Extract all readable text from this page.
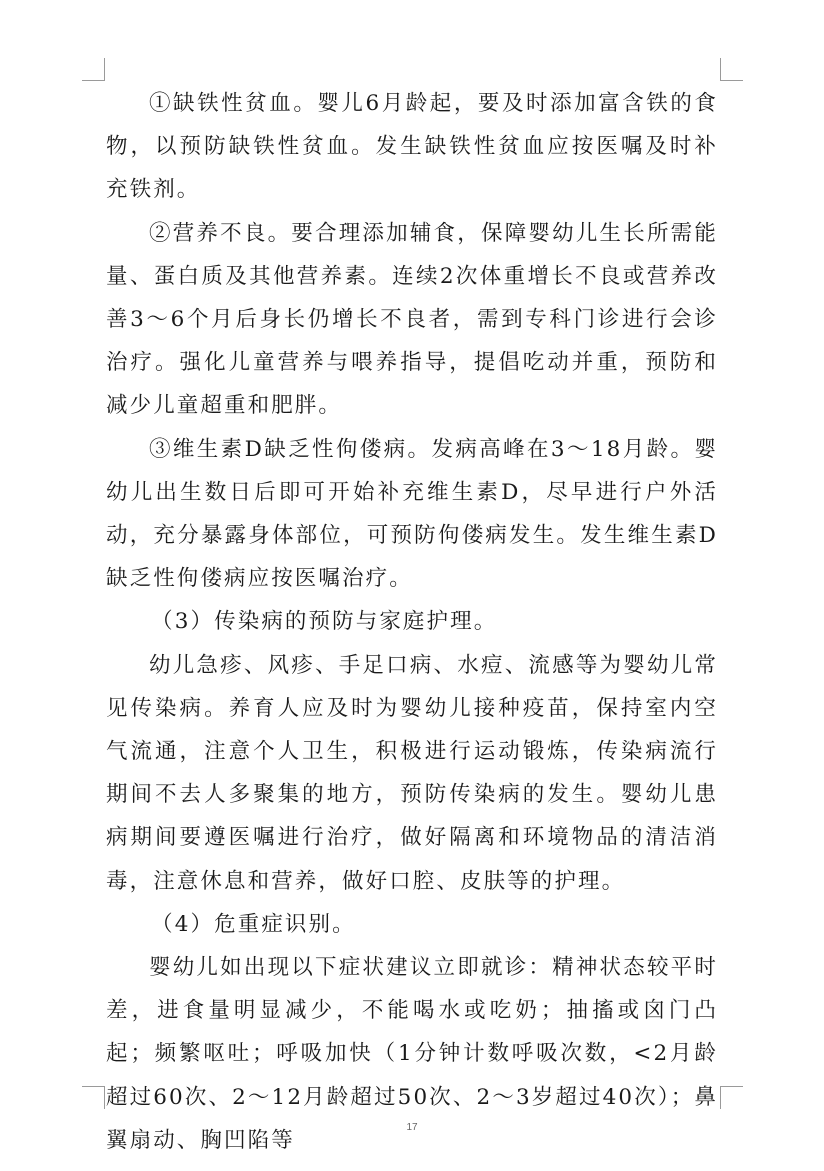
①缺铁性贫血。婴儿6月龄起，要及时添加富含铁的食物，以预防缺铁性贫血。发生缺铁性贫血应按医嘱及时补充铁剂。

②营养不良。要合理添加辅食，保障婴幼儿生长所需能量、蛋白质及其他营养素。连续2次体重增长不良或营养改善3～6个月后身长仍增长不良者，需到专科门诊进行会诊治疗。强化儿童营养与喂养指导，提倡吃动并重，预防和减少儿童超重和肥胖。

③维生素D缺乏性佝偻病。发病高峰在3～18月龄。婴幼儿出生数日后即可开始补充维生素D，尽早进行户外活动，充分暴露身体部位，可预防佝偻病发生。发生维生素D缺乏性佝偻病应按医嘱治疗。

（3）传染病的预防与家庭护理。

幼儿急疹、风疹、手足口病、水痘、流感等为婴幼儿常见传染病。养育人应及时为婴幼儿接种疫苗，保持室内空气流通，注意个人卫生，积极进行运动锻炼，传染病流行期间不去人多聚集的地方，预防传染病的发生。婴幼儿患病期间要遵医嘱进行治疗，做好隔离和环境物品的清洁消毒，注意休息和营养，做好口腔、皮肤等的护理。

（4）危重症识别。

婴幼儿如出现以下症状建议立即就诊：精神状态较平时差，进食量明显减少，不能喝水或吃奶；抽搐或囟门凸起；频繁呕吐；呼吸加快（1分钟计数呼吸次数，<2月龄超过60次、2～12月龄超过50次、2～3岁超过40次）；鼻翼扇动、胸凹陷等

17
